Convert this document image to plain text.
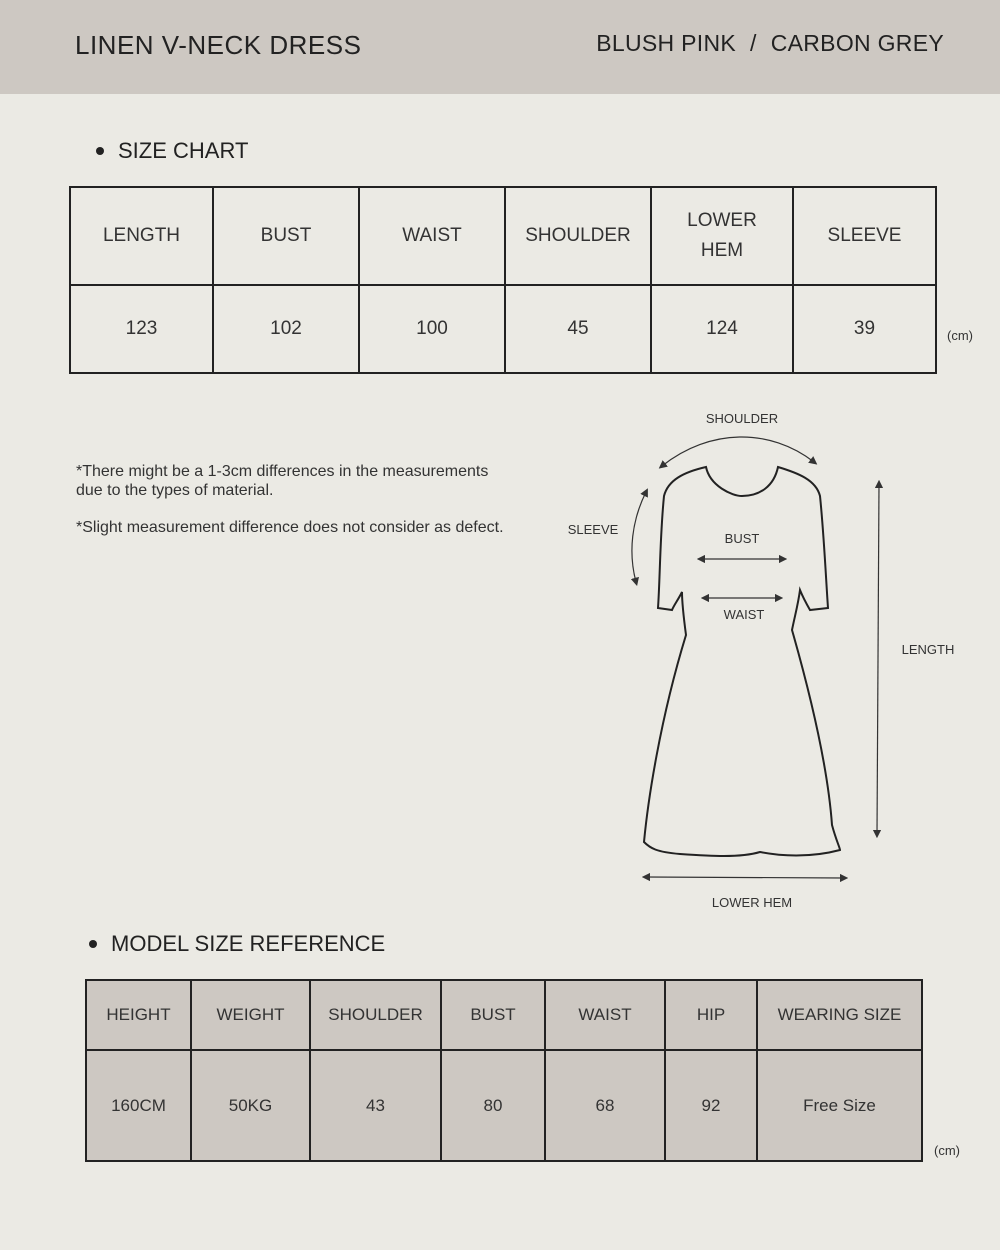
LINEN V-NECK DRESS	BLUSH PINK / CARBON GREY
SIZE CHART
LENGTH	BUST	WAIST	SHOULDER	LOWER HEM	SLEEVE
123	102	100	45	124	39	(cm)
*There might be a 1-3cm differences in the measurements due to the types of material.
*Slight measurement difference does not consider as defect.
SHOULDER
SLEEVE
BUST
WAIST
LENGTH
LOWER HEM
MODEL SIZE REFERENCE
HEIGHT	WEIGHT	SHOULDER	BUST	WAIST	HIP	WEARING SIZE
160CM	50KG	43	80	68	92	Free Size
(cm)
